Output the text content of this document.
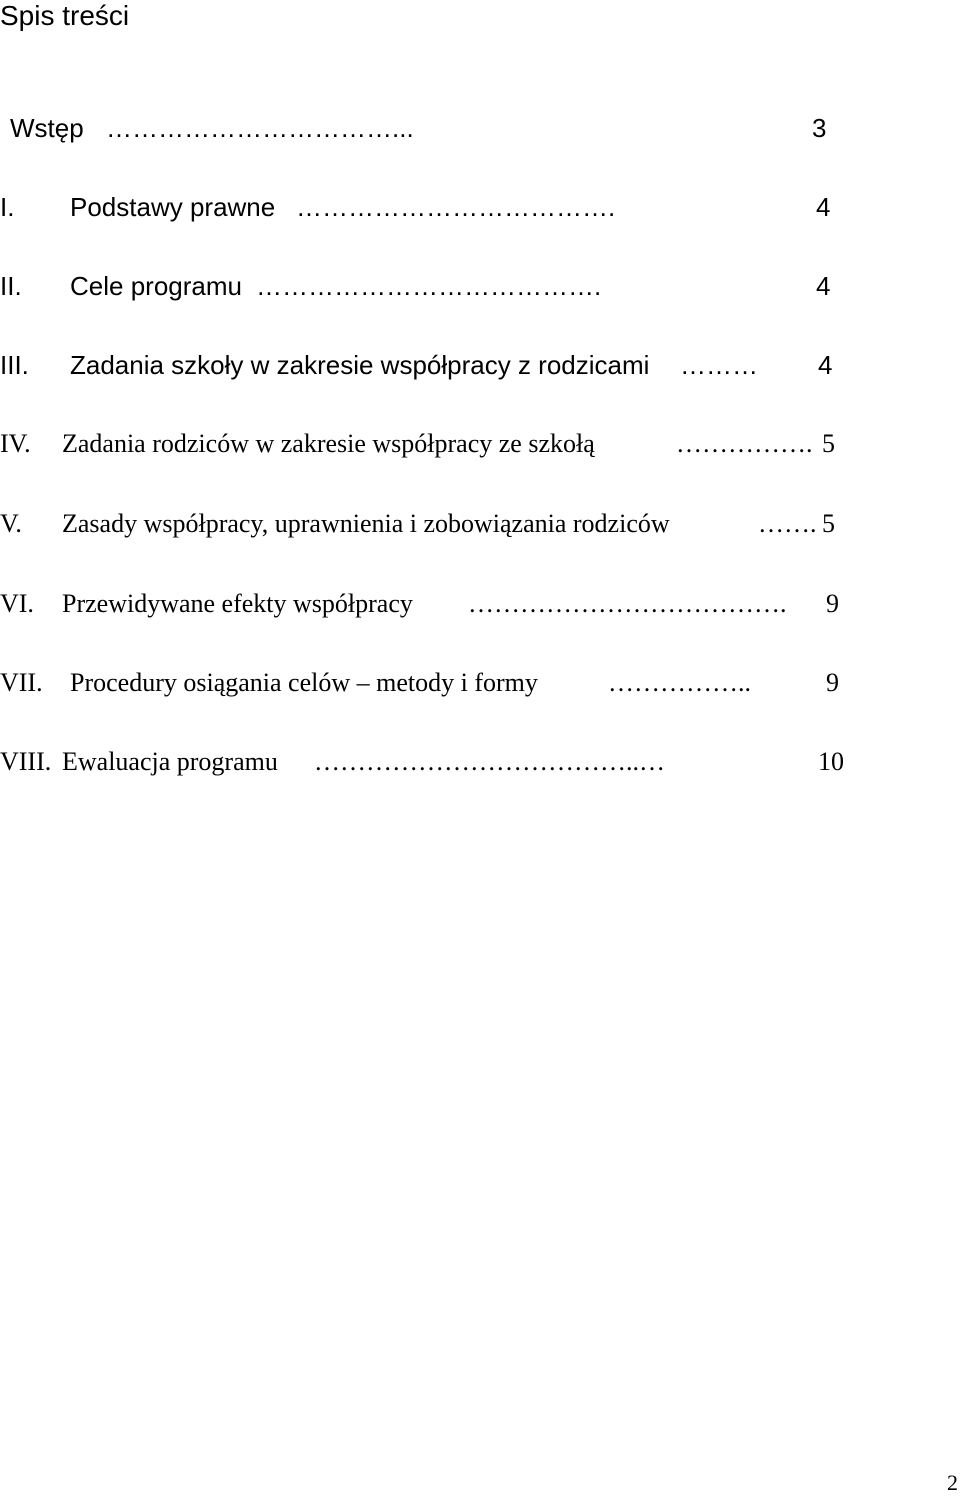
Spis treści
Wstęp ……………………………...	3
I. Podstawy prawne ……………………………….	4
II. Cele programu ………………………………….	4
III. Zadania szkoły w zakresie współpracy z rodzicami ……… 4
IV. Zadania rodziców w zakresie współpracy ze szkołą	……………. 5
V. Zasady współpracy, uprawnienia i zobowiązania rodziców	……. 5
VI. Przewidywane efekty współpracy ………………………………. 9
VII. Procedury osiągania celów – metody i formy	……………..	9
VIII. Ewaluacja programu ………………………………..…	10
2
